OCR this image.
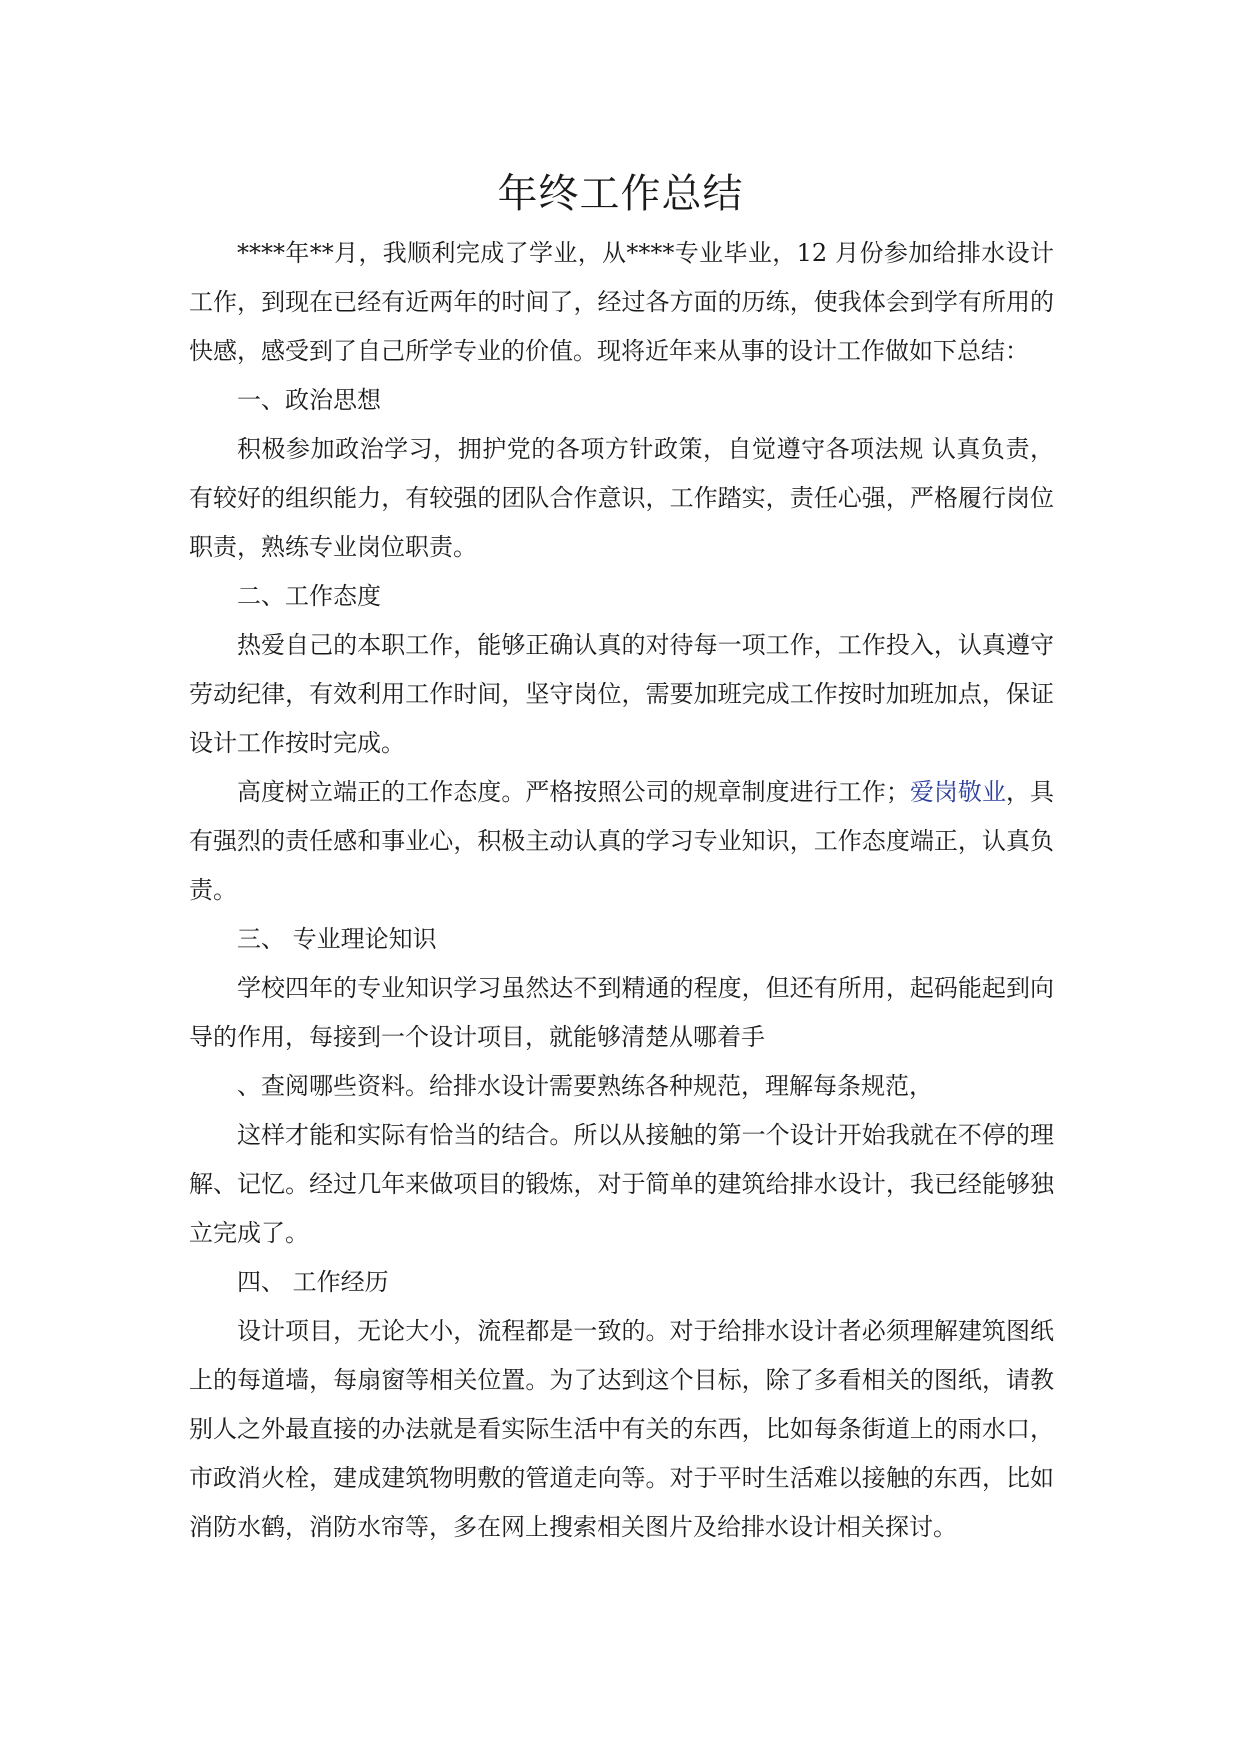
年终工作总结

****年**月，我顺利完成了学业，从****专业毕业，12 月份参加给排水设计工作，到现在已经有近两年的时间了，经过各方面的历练，使我体会到学有所用的快感，感受到了自己所学专业的价值。现将近年来从事的设计工作做如下总结：

一、政治思想

积极参加政治学习，拥护党的各项方针政策，自觉遵守各项法规 认真负责，有较好的组织能力，有较强的团队合作意识，工作踏实，责任心强，严格履行岗位职责，熟练专业岗位职责。

二、工作态度

热爱自己的本职工作，能够正确认真的对待每一项工作，工作投入，认真遵守劳动纪律，有效利用工作时间，坚守岗位，需要加班完成工作按时加班加点，保证设计工作按时完成。

高度树立端正的工作态度。严格按照公司的规章制度进行工作；爱岗敬业，具有强烈的责任感和事业心，积极主动认真的学习专业知识，工作态度端正，认真负责。

三、 专业理论知识

学校四年的专业知识学习虽然达不到精通的程度，但还有所用，起码能起到向导的作用，每接到一个设计项目，就能够清楚从哪着手

、查阅哪些资料。给排水设计需要熟练各种规范，理解每条规范，

这样才能和实际有恰当的结合。所以从接触的第一个设计开始我就在不停的理解、记忆。经过几年来做项目的锻炼，对于简单的建筑给排水设计，我已经能够独立完成了。

四、 工作经历

设计项目，无论大小，流程都是一致的。对于给排水设计者必须理解建筑图纸上的每道墙，每扇窗等相关位置。为了达到这个目标，除了多看相关的图纸，请教别人之外最直接的办法就是看实际生活中有关的东西，比如每条街道上的雨水口，市政消火栓，建成建筑物明敷的管道走向等。对于平时生活难以接触的东西，比如消防水鹤，消防水帘等，多在网上搜索相关图片及给排水设计相关探讨。
